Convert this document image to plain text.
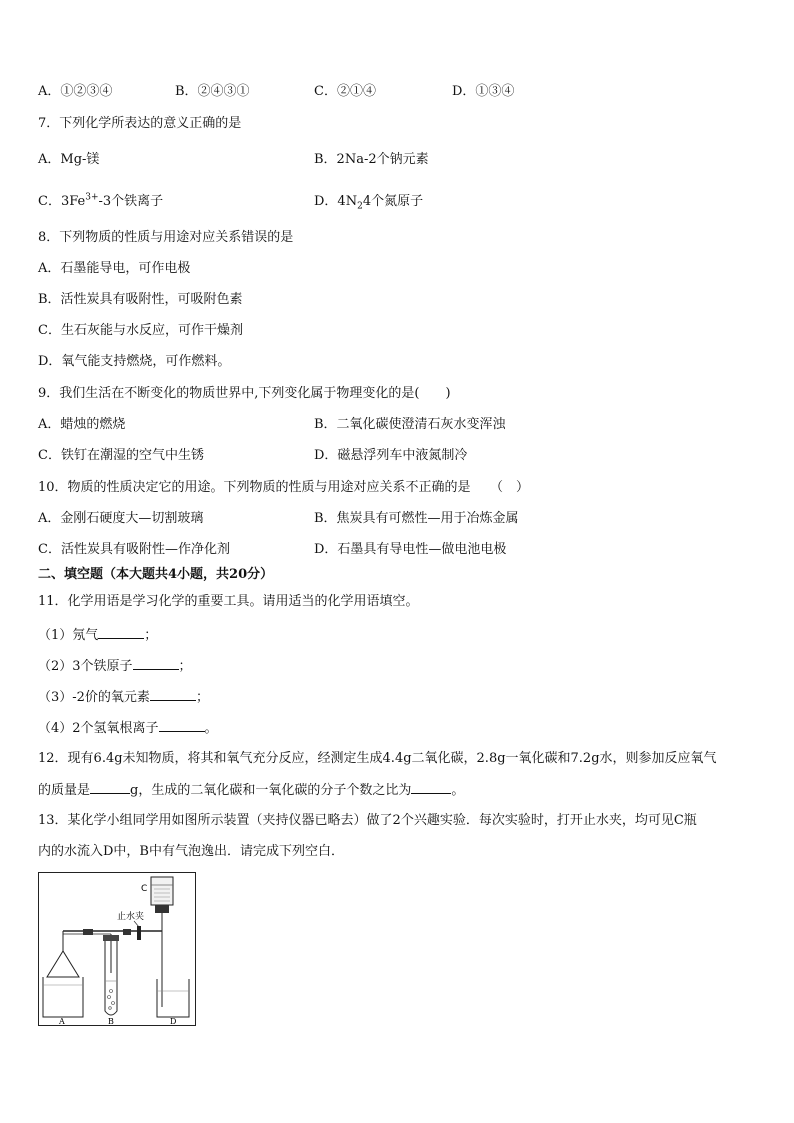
A．①②③④	B．②④③①	C．②①④	D．①③④
7．下列化学所表达的意义正确的是
A．Mg-镁	B．2Na-2个钠元素
C．$3Fe^{3+}-3$个铁离子	D．$4N_24$个氮原子
8．下列物质的性质与用途对应关系错误的是
A．石墨能导电，可作电极
B．活性炭具有吸附性，可吸附色素
C．生石灰能与水反应，可作干燥剂
D．氧气能支持燃烧，可作燃料。
9．我们生活在不断变化的物质世界中,下列变化属于物理变化的是(　　)
A．蜡烛的燃烧	B．二氧化碳使澄清石灰水变浑浊
C．铁钉在潮湿的空气中生锈	D．磁悬浮列车中液氮制冷
10．物质的性质决定它的用途。下列物质的性质与用途对应关系不正确的是　　（　）
A．金刚石硬度大—切割玻璃	B．焦炭具有可燃性—用于冶炼金属
C．活性炭具有吸附性—作净化剂	D．石墨具有导电性—做电池电极
二、填空题（本大题共4小题，共20分）
11．化学用语是学习化学的重要工具。请用适当的化学用语填空。
（1）氖气	；
（2）3个铁原子	；
（3）-2价的氧元素	；
（4）2个氢氧根离子	。
12．现有6.4g未知物质，将其和氧气充分反应，经测定生成4.4g二氧化碳，2.8g一氧化碳和7.2g水，则参加反应氧气
的质量是	g，生成的二氧化碳和一氧化碳的分子个数之比为	。
13．某化学小组同学用如图所示装置（夹持仪器已略去）做了2个兴趣实验．每次实验时，打开止水夹，均可见C瓶
内的水流入D中，B中有气泡逸出．请完成下列空白．
C
止水夹
A	B	D
